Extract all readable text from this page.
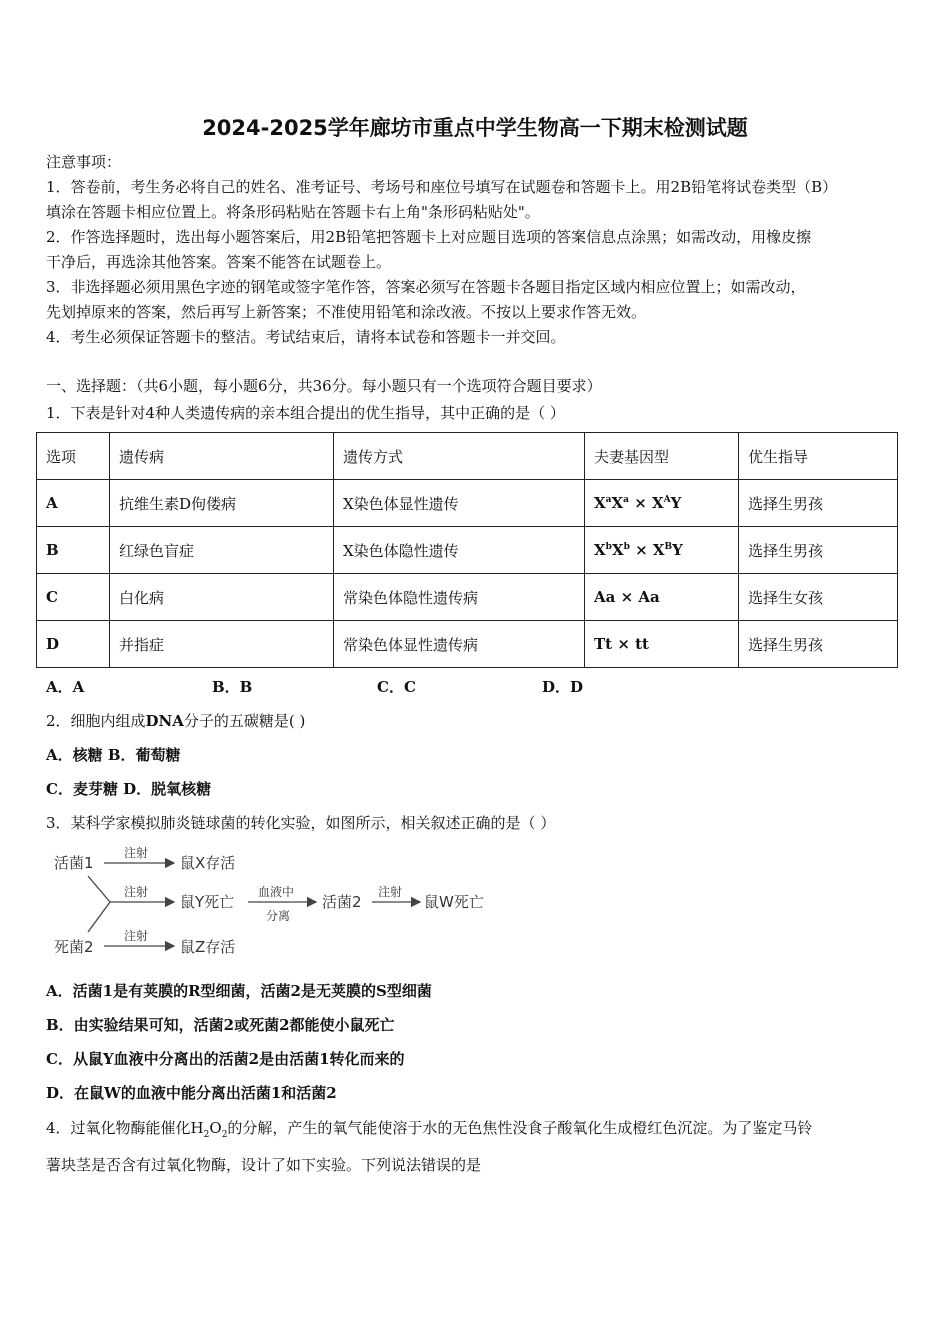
2024-2025学年廊坊市重点中学生物高一下期末检测试题

注意事项：

1．答卷前，考生务必将自己的姓名、准考证号、考场号和座位号填写在试题卷和答题卡上。用2B铅笔将试卷类型（B）

填涂在答题卡相应位置上。将条形码粘贴在答题卡右上角"条形码粘贴处"。

2．作答选择题时，选出每小题答案后，用2B铅笔把答题卡上对应题目选项的答案信息点涂黑；如需改动，用橡皮擦

干净后，再选涂其他答案。答案不能答在试题卷上。

3．非选择题必须用黑色字迹的钢笔或签字笔作答，答案必须写在答题卡各题目指定区域内相应位置上；如需改动，

先划掉原来的答案，然后再写上新答案；不准使用铅笔和涂改液。不按以上要求作答无效。

4．考生必须保证答题卡的整洁。考试结束后，请将本试卷和答题卡一并交回。

一、选择题：（共6小题，每小题6分，共36分。每小题只有一个选项符合题目要求）
1．下表是针对4种人类遗传病的亲本组合提出的优生指导，其中正确的是（ ）
选项	遗传病	遗传方式	夫妻基因型	优生指导
A	抗维生素D佝偻病	X染色体显性遗传	$X^aX^a \times X^AY$	选择生男孩
B	红绿色盲症	X染色体隐性遗传	$X^bX^b \times X^BY$	选择生男孩
C	白化病	常染色体隐性遗传病	Aa × Aa	选择生女孩
D	并指症	常染色体显性遗传病	Tt × tt	选择生男孩
A．A	B．B	C．C	D．D
2．细胞内组成DNA分子的五碳糖是( )
A．核糖 B．葡萄糖
C．麦芽糖 D．脱氧核糖
3．某科学家模拟肺炎链球菌的转化实验，如图所示，相关叙述正确的是（ ）
活菌1
注射
鼠X存活
注射
鼠Y死亡
血液中
分离
活菌2
注射
鼠W死亡
死菌2
注射
鼠Z存活
A．活菌1是有荚膜的R型细菌，活菌2是无荚膜的S型细菌
B．由实验结果可知，活菌2或死菌2都能使小鼠死亡
C．从鼠Y血液中分离出的活菌2是由活菌1转化而来的
D．在鼠W的血液中能分离出活菌1和活菌2

4．过氧化物酶能催化$H_2O_2$的分解，产生的氧气能使溶于水的无色焦性没食子酸氧化生成橙红色沉淀。为了鉴定马铃

薯块茎是否含有过氧化物酶，设计了如下实验。下列说法错误的是
